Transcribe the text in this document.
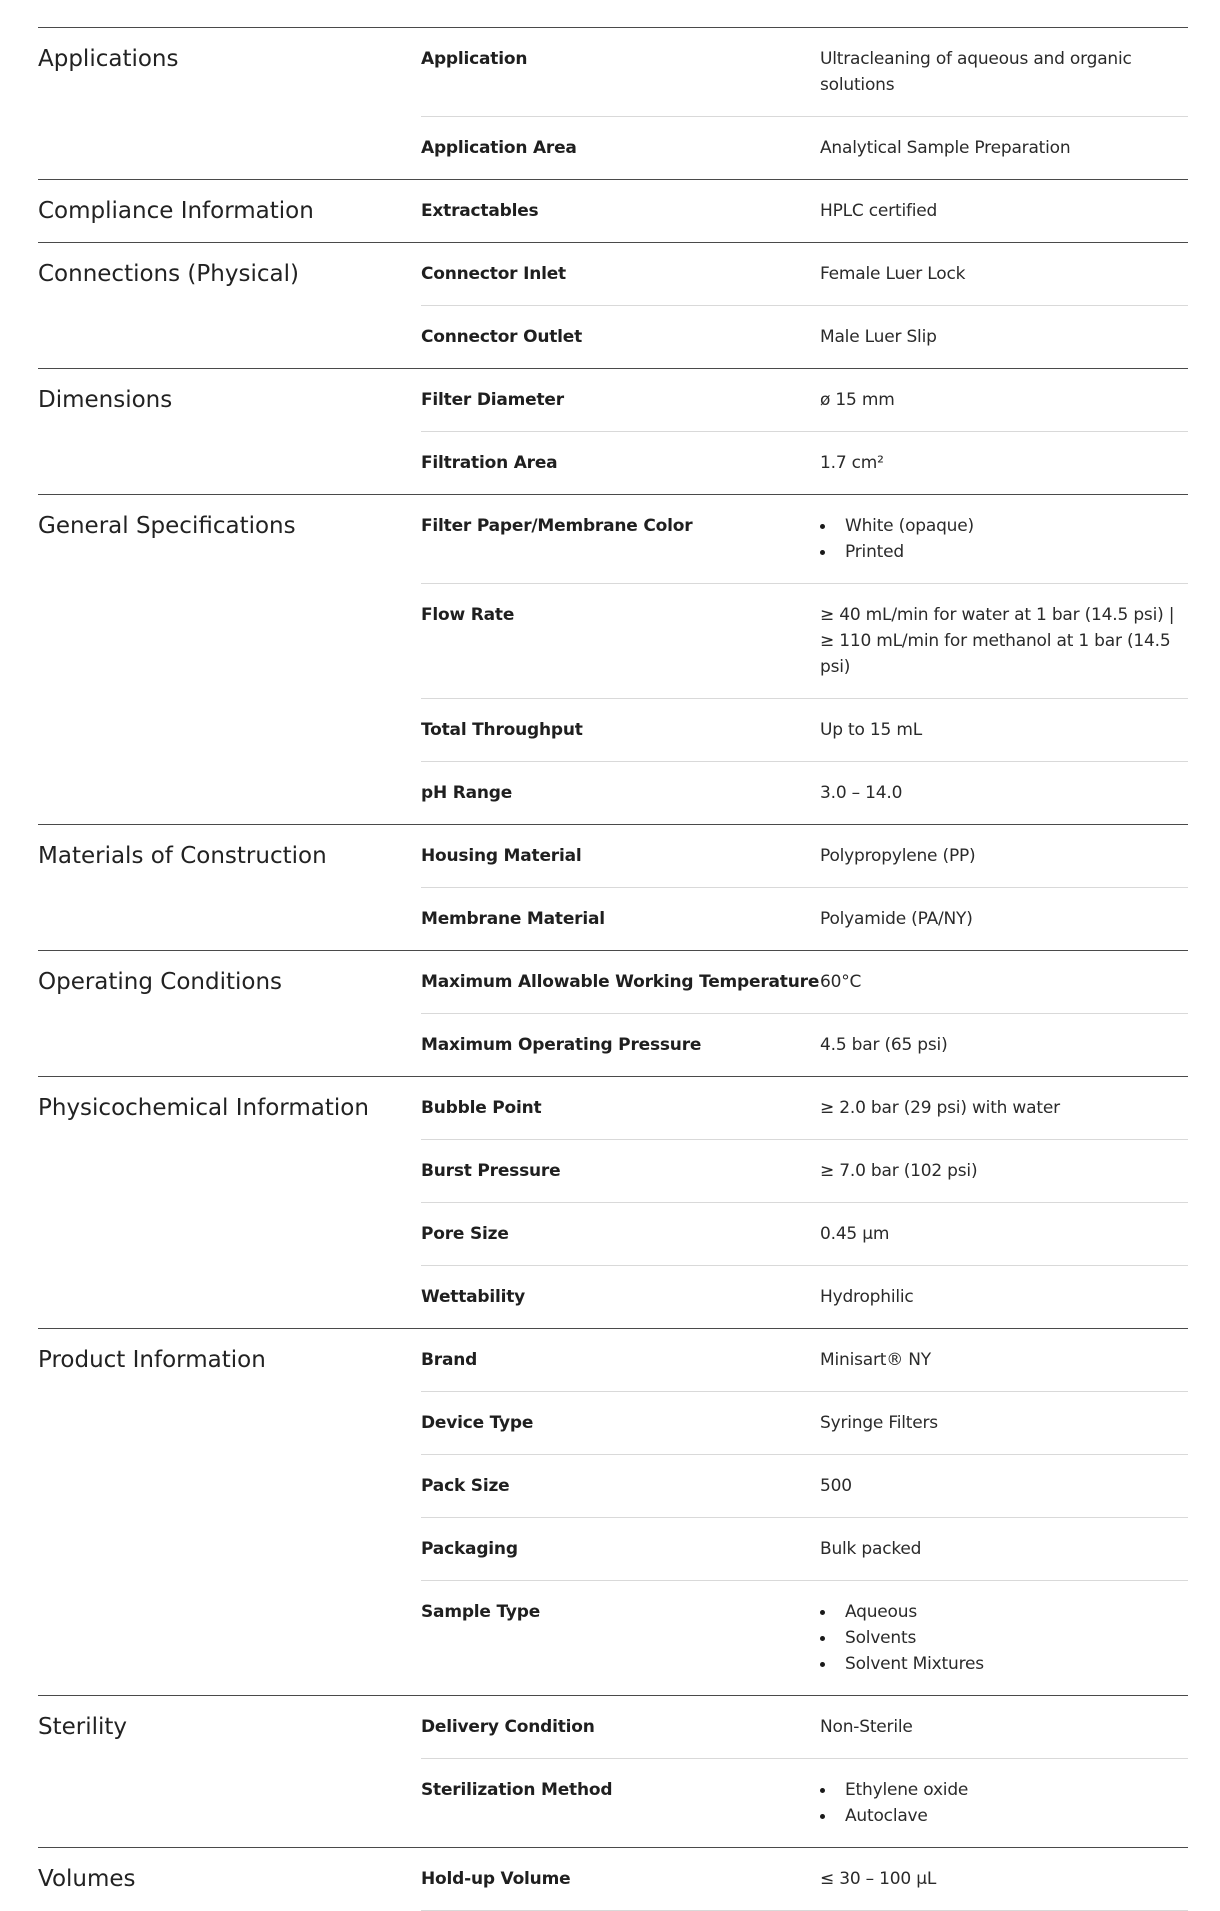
Applications	Application	Ultracleaning of aqueous and organic solutions
Application Area	Analytical Sample Preparation
Compliance Information	Extractables	HPLC certified
Connections (Physical)	Connector Inlet	Female Luer Lock
Connector Outlet	Male Luer Slip
Dimensions	Filter Diameter	ø 15 mm
Filtration Area	1.7 cm²
General Specifications	Filter Paper/Membrane Color	White (opaque)
Printed
Flow Rate	≥ 40 mL/min for water at 1 bar (14.5 psi) | ≥ 110 mL/min for methanol at 1 bar (14.5 psi)
Total Throughput	Up to 15 mL
pH Range	3.0 – 14.0
Materials of Construction	Housing Material	Polypropylene (PP)
Membrane Material	Polyamide (PA/NY)
Operating Conditions	Maximum Allowable Working Temperature 60°C
Maximum Operating Pressure	4.5 bar (65 psi)
Physicochemical Information	Bubble Point	≥ 2.0 bar (29 psi) with water
Burst Pressure	≥ 7.0 bar (102 psi)
Pore Size	0.45 µm
Wettability	Hydrophilic
Product Information	Brand	Minisart® NY
Device Type	Syringe Filters
Pack Size	500
Packaging	Bulk packed
Sample Type	Aqueous
Solvents
Solvent Mixtures
Sterility	Delivery Condition	Non-Sterile
Sterilization Method	Ethylene oxide
Autoclave
Volumes	Hold-up Volume	≤ 30 – 100 µL
